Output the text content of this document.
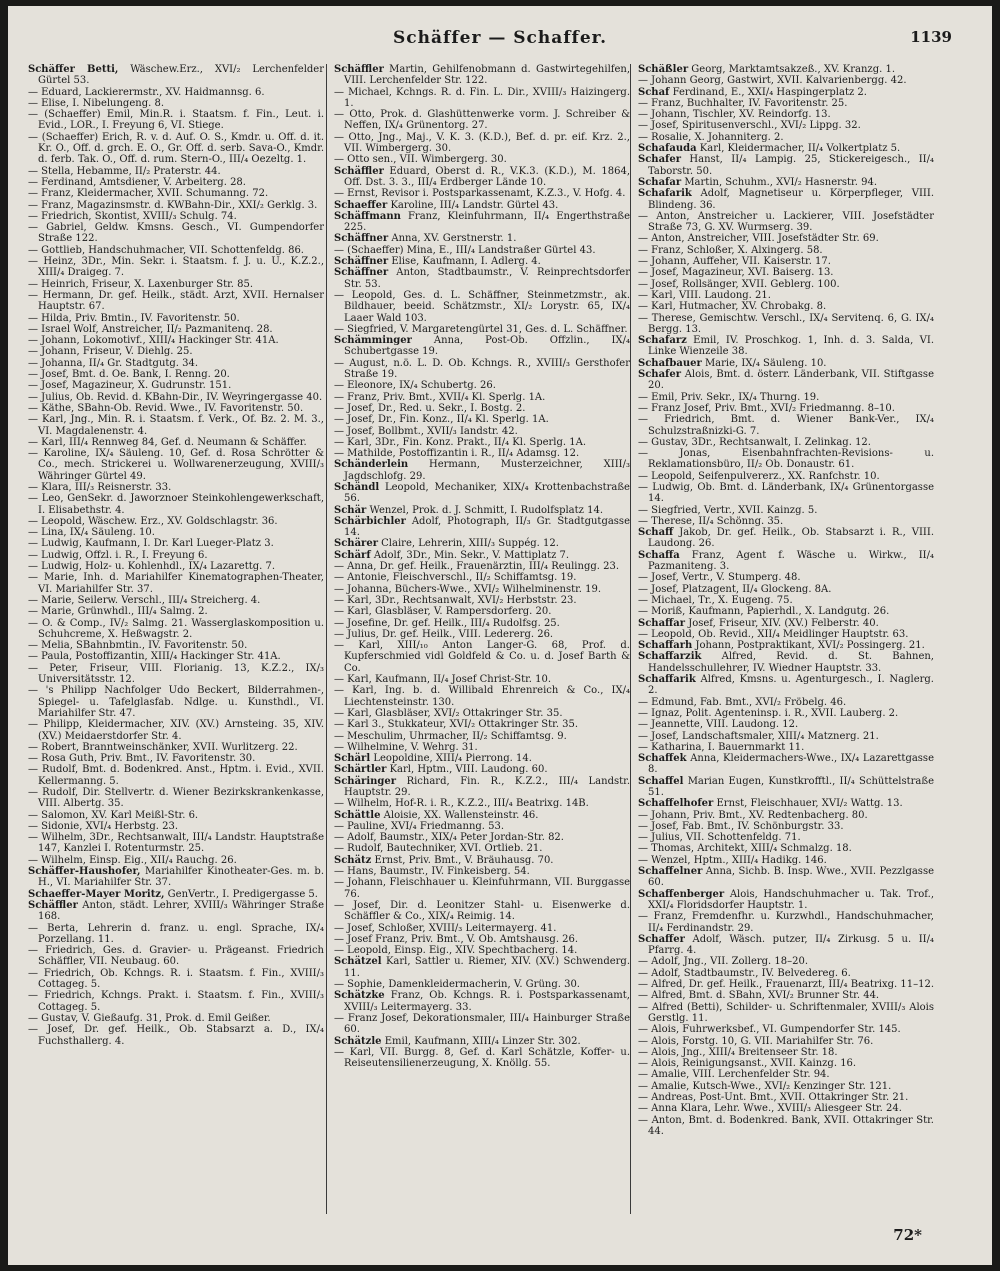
Schäffer — Schaffer.	1139
Schäffer Betti, Wäschew.Erz., XVI/₂ Lerchenfelder Gürtel 53.
— Eduard, Lackierermstr., XV. Haidmannsg. 6.
— Elise, I. Nibelungeng. 8.
— (Schaeffer) Emil, Min.R. i. Staatsm. f. Fin., Leut. i. Evid., LOR., I. Freyung 6, VI. Stiege.
— (Schaeffer) Erich, R. v. d. Auf. O. S., Kmdr. u. Off. d. it. Kr. O., Off. d. grch. E. O., Gr. Off. d. serb. Sava-O., Kmdr. d. ferb. Tak. O., Off. d. rum. Stern-O., III/₄ Oezeltg. 1.
— Stella, Hebamme, II/₂ Praterstr. 44.
— Ferdinand, Amtsdiener, V. Arbeiterg. 28.
— Franz, Kleidermacher, XVII. Schumanng. 72.
— Franz, Magazinsmstr. d. KWBahn-Dir., XXI/₂ Gerklg. 3.
— Friedrich, Skontist, XVIII/₃ Schulg. 74.
— Gabriel, Geldw. Kmsns. Gesch., VI. Gumpendorfer Straße 122.
— Gottlieb, Handschuhmacher, VII. Schottenfeldg. 86.
— Heinz, 3Dr., Min. Sekr. i. Staatsm. f. J. u. U., K.Z.2., XIII/₄ Draigeg. 7.
— Heinrich, Friseur, X. Laxenburger Str. 85.
— Hermann, Dr. gef. Heilk., städt. Arzt, XVII. Hernalser Hauptstr. 67.
— Hilda, Priv. Bmtin., IV. Favoritenstr. 50.
— Israel Wolf, Anstreicher, II/₂ Pazmanitenq. 28.
— Johann, Lokomotivf., XIII/₄ Hackinger Str. 41A.
— Johann, Friseur, V. Diehlg. 25.
— Johanna, II/₄ Gr. Stadtgutg. 34.
— Josef, Bmt. d. Oe. Bank, I. Renng. 20.
— Josef, Magazineur, X. Gudrunstr. 151.
— Julius, Ob. Revid. d. KBahn-Dir., IV. Weyringergasse 40.
— Käthe, SBahn-Ob. Revid. Wwe., IV. Favoritenstr. 50.
— Karl, Jng., Min. R. i. Staatsm. f. Verk., Of. Bz. 2. M. 3., VI. Magdalenenstr. 4.
— Karl, III/₄ Rennweg 84, Gef. d. Neumann & Schäffer.
— Karoline, IX/₄ Säuleng. 10, Gef. d. Rosa Schrötter & Co., mech. Strickerei u. Wollwarenerzeugung, XVIII/₃ Währinger Gürtel 49.
— Klara, III/₃ Reisnerstr. 33.
— Leo, GenSekr. d. Jaworznoer Steinkohlengewerkschaft, I. Elisabethstr. 4.
— Leopold, Wäschew. Erz., XV. Goldschlagstr. 36.
— Lina, IX/₄ Säuleng. 10.
— Ludwig, Kaufmann, I. Dr. Karl Lueger-Platz 3.
— Ludwig, Offzl. i. R., I. Freyung 6.
— Ludwig, Holz- u. Kohlenhdl., IX/₄ Lazarettg. 7.
— Marie, Inh. d. Mariahilfer Kinematographen-Theater, VI. Mariahilfer Str. 37.
— Marie, Seilerw. Verschl., III/₄ Streicherg. 4.
— Marie, Grünwhdl., III/₄ Salmg. 2.
— O. & Comp., IV/₂ Salmg. 21. Wasserglaskomposition u. Schuhcreme, X. Heßwagstr. 2.
— Melia, SBahnbmtin., IV. Favoritenstr. 50.
— Paula, Postoffizantin, XIII/₄ Hackinger Str. 41A.
— Peter, Friseur, VIII. Florianig. 13, K.Z.2., IX/₃ Universitätsstr. 12.
— 's Philipp Nachfolger Udo Beckert, Bilderrahmen-, Spiegel- u. Tafelglasfab. Ndlge. u. Kunsthdl., VI. Mariahilfer Str. 47.
— Philipp, Kleidermacher, XIV. (XV.) Arnsteing. 35, XIV. (XV.) Meidaerstdorfer Str. 4.
— Robert, Branntweinschänker, XVII. Wurlitzerg. 22.
— Rosa Guth, Priv. Bmt., IV. Favoritenstr. 30.
— Rudolf, Bmt. d. Bodenkred. Anst., Hptm. i. Evid., XVII. Kellermanng. 5.
— Rudolf, Dir. Stellvertr. d. Wiener Bezirkskrankenkasse, VIII. Albertg. 35.
— Salomon, XV. Karl Meißl-Str. 6.
— Sidonie, XVI/₄ Herbstg. 23.
— Wilhelm, 3Dr., Rechtsanwalt, III/₄ Landstr. Hauptstraße 147, Kanzlei I. Rotenturmstr. 25.
— Wilhelm, Einsp. Eig., XII/₄ Rauchg. 26.
Schäffer-Haushofer, Mariahilfer Kinotheater-Ges. m. b. H., VI. Mariahilfer Str. 37.
Schaeffer-Mayer Moritz, GenVertr., I. Predigergasse 5.
Schäffler Anton, städt. Lehrer, XVIII/₃ Währinger Straße 168.
— Berta, Lehrerin d. franz. u. engl. Sprache, IX/₄ Porzellang. 11.
— Friedrich, Ges. d. Gravier- u. Prägeanst. Friedrich Schäffler, VII. Neubaug. 60.
— Friedrich, Ob. Kchngs. R. i. Staatsm. f. Fin., XVIII/₃ Cottageg. 5.
— Friedrich, Kchngs. Prakt. i. Staatsm. f. Fin., XVIII/₃ Cottageg. 5.
— Gustav, V. Gießaufg. 31, Prok. d. Emil Geißer.
— Josef, Dr. gef. Heilk., Ob. Stabsarzt a. D., IX/₄ Fuchsthallerg. 4.
Schäffler Martin, Gehilfenobmann d. Gastwirtegehilfen, VIII. Lerchenfelder Str. 122.
— Michael, Kchngs. R. d. Fin. L. Dir., XVIII/₃ Haizingerg. 1.
— Otto, Prok. d. Glashüttenwerke vorm. J. Schreiber & Neffen, IX/₄ Grünentorg. 27.
— Otto, Jng., Maj., V. K. 3. (K.D.), Bef. d. pr. eif. Krz. 2., VII. Wimbergerg. 30.
— Otto sen., VII. Wimbergerg. 30.
Schäffler Eduard, Oberst d. R., V.K.3. (K.D.), M. 1864, Off. Dst. 3. 3., III/₄ Erdberger Lände 10.
— Ernst, Revisor i. Postsparkassenamt, K.Z.3., V. Hofg. 4.
Schaeffer Karoline, III/₄ Landstr. Gürtel 43.
Schäffmann Franz, Kleinfuhrmann, II/₄ Engerthstraße 225.
Schäffner Anna, XV. Gerstnerstr. 1.
— (Schaeffer) Mina, E., III/₄ Landstraßer Gürtel 43.
Schäffner Elise, Kaufmann, I. Adlerg. 4.
Schäffner Anton, Stadtbaumstr., V. Reinprechtsdorfer Str. 53.
— Leopold, Ges. d. L. Schäffner, Steinmetzmstr., ak. Bildhauer, beeid. Schätzmstr., XI/₂ Lorystr. 65, IX/₄ Laaer Wald 103.
— Siegfried, V. Margaretengürtel 31, Ges. d. L. Schäffner.
Schämminger Anna, Post-Ob. Offzlin., IX/₄ Schubertgasse 19.
— August, n.ö. L. D. Ob. Kchngs. R., XVIII/₃ Gersthofer Straße 19.
— Eleonore, IX/₄ Schubertg. 26.
— Franz, Priv. Bmt., XVII/₄ Kl. Sperlg. 1A.
— Josef, Dr., Red. u. Sekr., I. Bostg. 2.
— Josef, Dr., Fin. Konz., II/₄ Kl. Sperlg. 1A.
— Josef, Bollbmt., XVII/₃ Iandstr. 42.
— Karl, 3Dr., Fin. Konz. Prakt., II/₄ Kl. Sperlg. 1A.
— Mathilde, Postoffizantin i. R., II/₄ Adamsg. 12.
Schänderlein Hermann, Musterzeichner, XIII/₃ Jagdschlofg. 29.
Schändl Leopold, Mechaniker, XIX/₄ Krottenbachstraße 56.
Schär Wenzel, Prok. d. J. Schmitt, I. Rudolfsplatz 14.
Schärbichler Adolf, Photograph, II/₃ Gr. Stadtgutgasse 14.
Schärer Claire, Lehrerin, XIII/₃ Suppég. 12.
Schärf Adolf, 3Dr., Min. Sekr., V. Mattiplatz 7.
— Anna, Dr. gef. Heilk., Frauenärztin, III/₄ Reulingg. 23.
— Antonie, Fleischverschl., II/₂ Schiffamtsg. 19.
— Johanna, Büchers-Wwe., XVI/₂ Wilhelminenstr. 19.
— Karl, 3Dr., Rechtsanwalt, XVI/₂ Herbststr. 23.
— Karl, Glasbläser, V. Rampersdorferg. 20.
— Josefine, Dr. gef. Heilk., III/₄ Rudolfsg. 25.
— Julius, Dr. gef. Heilk., VIII. Ledererg. 26.
— Karl, XIII/₁₀ Anton Langer-G. 68, Prof. d. Kupferschmied vidl Goldfeld & Co. u. d. Josef Barth & Co.
— Karl, Kaufmann, II/₄ Josef Christ-Str. 10.
— Karl, Ing. b. d. Willibald Ehrenreich & Co., IX/₄ Liechtensteinstr. 130.
— Karl, Glasbläser, XVI/₂ Ottakringer Str. 35.
— Karl 3., Stukkateur, XVI/₂ Ottakringer Str. 35.
— Meschulim, Uhrmacher, II/₂ Schiffamtsg. 9.
— Wilhelmine, V. Wehrg. 31.
Schärl Leopoldine, XIII/₄ Pierrong. 14.
Schärtler Karl, Hptm., VIII. Laudong. 60.
Schäringer Richard, Fin. R., K.Z.2., III/₄ Landstr. Hauptstr. 29.
— Wilhelm, Hof-R. i. R., K.Z.2., III/₄ Beatrixg. 14B.
Schättle Aloisie, XX. Wallensteinstr. 46.
— Pauline, XVI/₄ Friedmanng. 53.
— Adolf, Baumstr., XIX/₄ Peter Jordan-Str. 82.
— Rudolf, Bautechniker, XVI. Ortlieb. 21.
Schätz Ernst, Priv. Bmt., V. Bräuhausg. 70.
— Hans, Baumstr., IV. Finkeisberg. 54.
— Johann, Fleischhauer u. Kleinfuhrmann, VII. Burggasse 76.
— Josef, Dir. d. Leonitzer Stahl- u. Eisenwerke d. Schäffler & Co., XIX/₄ Reimig. 14.
— Josef, Schloßer, XVIII/₃ Leitermayerg. 41.
— Josef Franz, Priv. Bmt., V. Ob. Amtshausg. 26.
— Leopold, Einsp. Eig., XIV. Spechtbacherg. 14.
Schätzel Karl, Sattler u. Riemer, XIV. (XV.) Schwenderg. 11.
— Sophie, Damenkleidermacherin, V. Grüng. 30.
Schätzke Franz, Ob. Kchngs. R. i. Postsparkassenamt, XVIII/₃ Leitermayerg. 33.
— Franz Josef, Dekorationsmaler, III/₄ Hainburger Straße 60.
Schätzle Emil, Kaufmann, XIII/₄ Linzer Str. 302.
— Karl, VII. Burgg. 8, Gef. d. Karl Schätzle, Koffer- u. Reiseutensilienerzeugung, X. Knöllg. 55.
Schäßler Georg, Marktamtsakzeß., XV. Kranzg. 1.
— Johann Georg, Gastwirt, XVII. Kalvarienbergg. 42.
Schaf Ferdinand, E., XXI/₄ Haspingerplatz 2.
— Franz, Buchhalter, IV. Favoritenstr. 25.
— Johann, Tischler, XV. Reindorfg. 13.
— Josef, Spiritusenverschl., XVI/₂ Lippg. 32.
— Rosalie, X. Johanniterg. 2.
Schafauda Karl, Kleidermacher, II/₄ Volkertplatz 5.
Schafer Hanst, II/₄ Lampig. 25, Stickereigesch., II/₄ Taborstr. 50.
Schafar Martin, Schuhm., XVI/₂ Hasnerstr. 94.
Schafarik Adolf, Magnetiseur u. Körperpfleger, VIII. Blindeng. 36.
— Anton, Anstreicher u. Lackierer, VIII. Josefstädter Straße 73, G. XV. Wurmserg. 39.
— Anton, Anstreicher, VIII. Josefstädter Str. 69.
— Franz, Schloßer, X. Alxingerg. 58.
— Johann, Auffeher, VII. Kaiserstr. 17.
— Josef, Magazineur, XVI. Baiserg. 13.
— Josef, Rollsänger, XVII. Geblerg. 100.
— Karl, VIII. Laudong. 21.
— Karl, Hutmacher, XV. Chrobakg. 8.
— Therese, Gemischtw. Verschl., IX/₄ Servitenq. 6, G. IX/₄ Bergg. 13.
Schafarz Emil, IV. Proschkog. 1, Inh. d. 3. Salda, VI. Linke Wienzeile 38.
Schafbauer Marie, IX/₄ Säuleng. 10.
Schafer Alois, Bmt. d. österr. Länderbank, VII. Stiftgasse 20.
— Emil, Priv. Sekr., IX/₄ Thurng. 19.
— Franz Josef, Priv. Bmt., XVI/₂ Friedmanng. 8–10.
— Friedrich, Bmt. d. Wiener Bank-Ver., IX/₄ Schulzstraßnizki-G. 7.
— Gustav, 3Dr., Rechtsanwalt, I. Zelinkag. 12.
— Jonas, Eisenbahnfrachten-Revisions- u. Reklamationsbüro, II/₂ Ob. Donaustr. 61.
— Leopold, Seifenpulvererz., XX. Ranfchstr. 10.
— Ludwig, Ob. Bmt. d. Länderbank, IX/₄ Grünentorgasse 14.
— Siegfried, Vertr., XVII. Kainzg. 5.
— Therese, II/₄ Schönng. 35.
Schaff Jakob, Dr. gef. Heilk., Ob. Stabsarzt i. R., VIII. Laudong. 26.
Schaffa Franz, Agent f. Wäsche u. Wirkw., II/₄ Pazmaniteng. 3.
— Josef, Vertr., V. Stumperg. 48.
— Josef, Platzagent, II/₄ Glockeng. 8A.
— Michael, Tr., X. Eugeng. 75.
— Moriß, Kaufmann, Papierhdl., X. Landgutg. 26.
Schaffar Josef, Friseur, XIV. (XV.) Felberstr. 40.
— Leopold, Ob. Revid., XII/₄ Meidlinger Hauptstr. 63.
Schaffarh Johann, Postpraktikant, XVI/₂ Possingerg. 21.
Schaffarzik Alfred, Revid. d. St. Bahnen, Handelsschullehrer, IV. Wiedner Hauptstr. 33.
Schaffarik Alfred, Kmsns. u. Agenturgesch., I. Naglerg. 2.
— Edmund, Fab. Bmt., XVI/₂ Fröbelg. 46.
— Ignaz, Polit. Agenteninsp. i. R., XVII. Lauberg. 2.
— Jeannette, VIII. Laudong. 12.
— Josef, Landschaftsmaler, XIII/₄ Matznerg. 21.
— Katharina, I. Bauernmarkt 11.
Schaffek Anna, Kleidermachers-Wwe., IX/₄ Lazarettgasse 8.
Schaffel Marian Eugen, Kunstkrofftl., II/₄ Schüttelstraße 51.
Schaffelhofer Ernst, Fleischhauer, XVI/₂ Wattg. 13.
— Johann, Priv. Bmt., XV. Redtenbacherg. 80.
— Josef, Fab. Bmt., IV. Schönburgstr. 33.
— Julius, VII. Schottenfeldg. 71.
— Thomas, Architekt, XIII/₄ Schmalzg. 18.
— Wenzel, Hptm., XIII/₄ Hadikg. 146.
Schaffelner Anna, Sichb. B. Insp. Wwe., XVII. Pezzlgasse 60.
Schaffenberger Alois, Handschuhmacher u. Tak. Trof., XXI/₄ Floridsdorfer Hauptstr. 1.
— Franz, Fremdenfhr. u. Kurzwhdl., Handschuhmacher, II/₄ Ferdinandstr. 29.
Schaffer Adolf, Wäsch. putzer, II/₄ Zirkusg. 5 u. II/₄ Pfarrg. 4.
— Adolf, Jng., VII. Zollerg. 18–20.
— Adolf, Stadtbaumstr., IV. Belvedereg. 6.
— Alfred, Dr. gef. Heilk., Frauenarzt, III/₄ Beatrixg. 11–12.
— Alfred, Bmt. d. SBahn, XVI/₂ Brunner Str. 44.
— Alfred (Betti), Schilder- u. Schriftenmaler, XVIII/₃ Alois Gerstlg. 11.
— Alois, Fuhrwerksbef., VI. Gumpendorfer Str. 145.
— Alois, Forstg. 10, G. VII. Mariahilfer Str. 76.
— Alois, Jng., XIII/₄ Breitenseer Str. 18.
— Alois, Reinigungsanst., XVII. Kainzg. 16.
— Amalie, VIII. Lerchenfelder Str. 94.
— Amalie, Kutsch-Wwe., XVI/₂ Kenzinger Str. 121.
— Andreas, Post-Unt. Bmt., XVII. Ottakringer Str. 21.
— Anna Klara, Lehr. Wwe., XVIII/₃ Aliesgeer Str. 24.
— Anton, Bmt. d. Bodenkred. Bank, XVII. Ottakringer Str. 44.
72*
